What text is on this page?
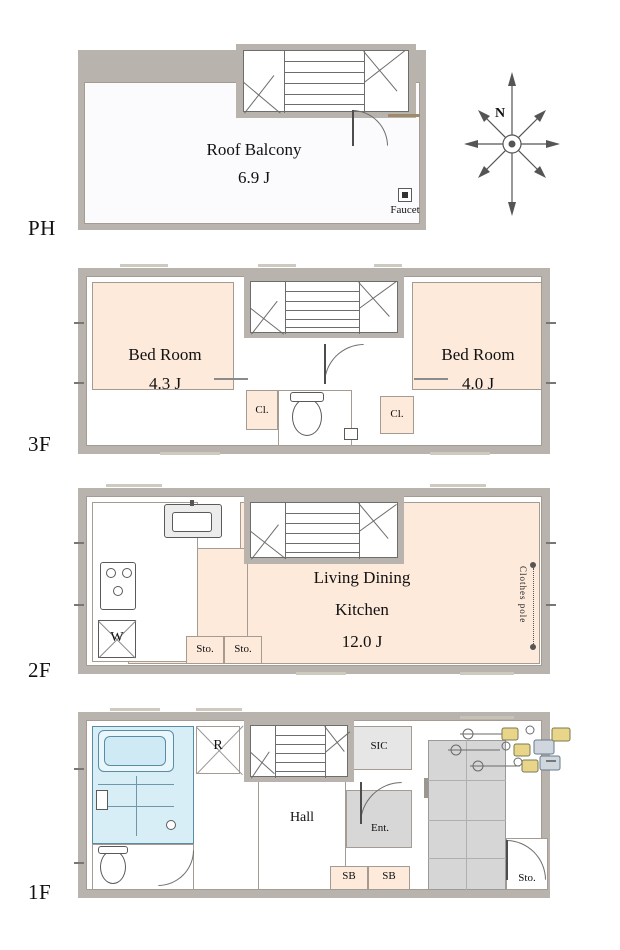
PH
Roof Balcony
6.9 J
Faucet
N
3F
Bed Room
4.3 J
Bed Room
4.0 J
Cl.	Cl.
2F
W
Living Dining
Kitchen
12.0 J
Sto.	Sto.
Clothes pole
1F
R
Hall
Ent.
SIC
SB	SB	Sto.
